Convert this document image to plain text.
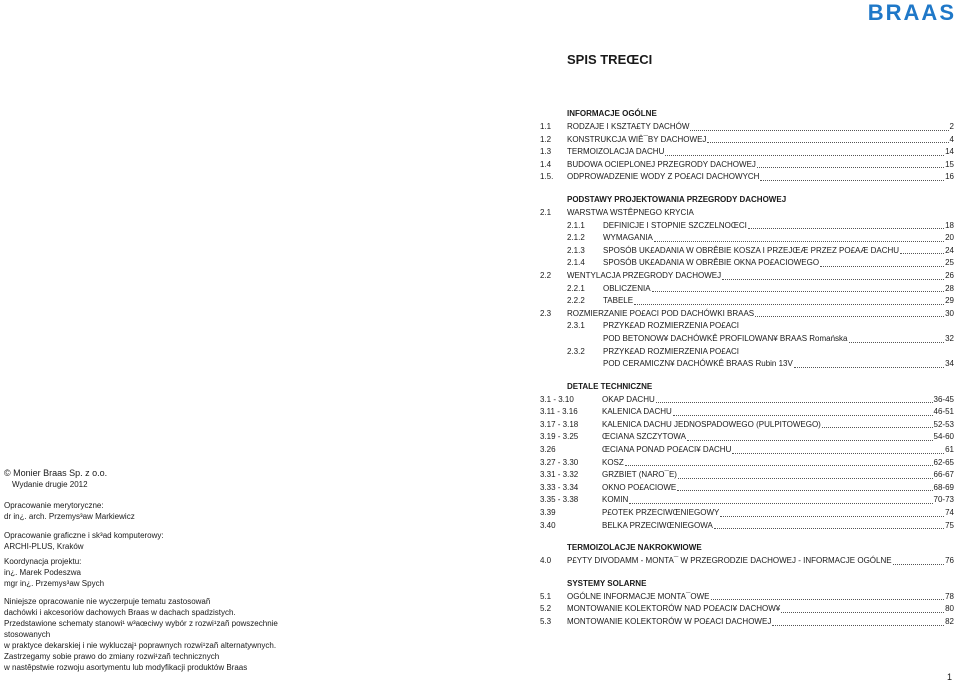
BRAAS
SPIS TREŒCI
INFORMACJE OGÓLNE
1.1	RODZAJE I KSZTA£TY DACHÓW	2
1.2	KONSTRUKCJA WIÊ¯BY DACHOWEJ	4
1.3	TERMOIZOLACJA DACHU	14
1.4	BUDOWA OCIEPLONEJ PRZEGRODY DACHOWEJ	15
1.5.	ODPROWADZENIE WODY Z PO£ACI DACHOWYCH	16
PODSTAWY PROJEKTOWANIA PRZEGRODY DACHOWEJ
2.1	WARSTWA WSTÊPNEGO KRYCIA
2.1.1	DEFINICJE I STOPNIE SZCZELNOŒCI	18
2.1.2	WYMAGANIA	20
2.1.3	SPOSÓB UK£ADANIA W OBRÊBIE KOSZA I PRZEJŒÆ PRZEZ PO£AÆ DACHU	24
2.1.4	SPOSÓB UK£ADANIA W OBRÊBIE OKNA PO£ACIOWEGO	25
2.2	WENTYLACJA PRZEGRODY DACHOWEJ	26
2.2.1	OBLICZENIA	28
2.2.2	TABELE	29
2.3	ROZMIERZANIE PO£ACI POD DACHÓWKI BRAAS	30
2.3.1	PRZYK£AD ROZMIERZENIA PO£ACI
POD BETONOW¥ DACHÓWKÊ PROFILOWAN¥ BRAAS Romańska	32
2.3.2	PRZYK£AD ROZMIERZENIA PO£ACI
POD CERAMICZN¥ DACHÓWKÊ BRAAS Rubin 13V	34
DETALE TECHNICZNE
3.1 - 3.10	OKAP DACHU	36-45
3.11 - 3.16	KALENICA DACHU	46-51
3.17 - 3.18	KALENICA DACHU JEDNOSPADOWEGO (PULPITOWEGO)	52-53
3.19 - 3.25	ŒCIANA SZCZYTOWA	54-60
3.26	ŒCIANA PONAD PO£ACI¥ DACHU	61
3.27 - 3.30	KOSZ	62-65
3.31 - 3.32	GRZBIET (NARO¯E)	66-67
3.33 - 3.34	OKNO PO£ACIOWE	68-69
3.35 - 3.38	KOMIN	70-73
3.39	P£OTEK PRZECIWŒNIEGOWY	74
3.40	BELKA PRZECIWŒNIEGOWA	75
TERMOIZOLACJE NAKROKWIOWE
4.0	P£YTY DIVODAMM - MONTA¯ W PRZEGRODZIE DACHOWEJ - INFORMACJE OGÓLNE	76
SYSTEMY SOLARNE
5.1	OGÓLNE INFORMACJE MONTA¯OWE	78
5.2	MONTOWANIE KOLEKTORÓW NAD PO£ACI¥ DACHOW¥	80
5.3	MONTOWANIE KOLEKTORÓW W PO£ACI DACHOWEJ	82
© Monier Braas Sp. z o.o.
Wydanie drugie 2012
Opracowanie merytoryczne:
dr in¿. arch. Przemys³aw Markiewicz
Opracowanie graficzne i sk³ad komputerowy:
ARCHI-PLUS, Kraków
Koordynacja projektu:
in¿. Marek Podeszwa
mgr in¿. Przemys³aw Spych
Niniejsze opracowanie nie wyczerpuje tematu zastosowañ
dachówki i akcesoriów dachowych Braas w dachach spadzistych.
Przedstawione schematy stanowi¹ w³aœciwy wybór z rozwi¹zañ powszechnie stosowanych
w praktyce dekarskiej i nie wykluczaj¹ poprawnych rozwi¹zañ alternatywnych.
Zastrzegamy sobie prawo do zmiany rozwi¹zañ technicznych
w nastêpstwie rozwoju asortymentu lub modyfikacji produktów Braas
1
